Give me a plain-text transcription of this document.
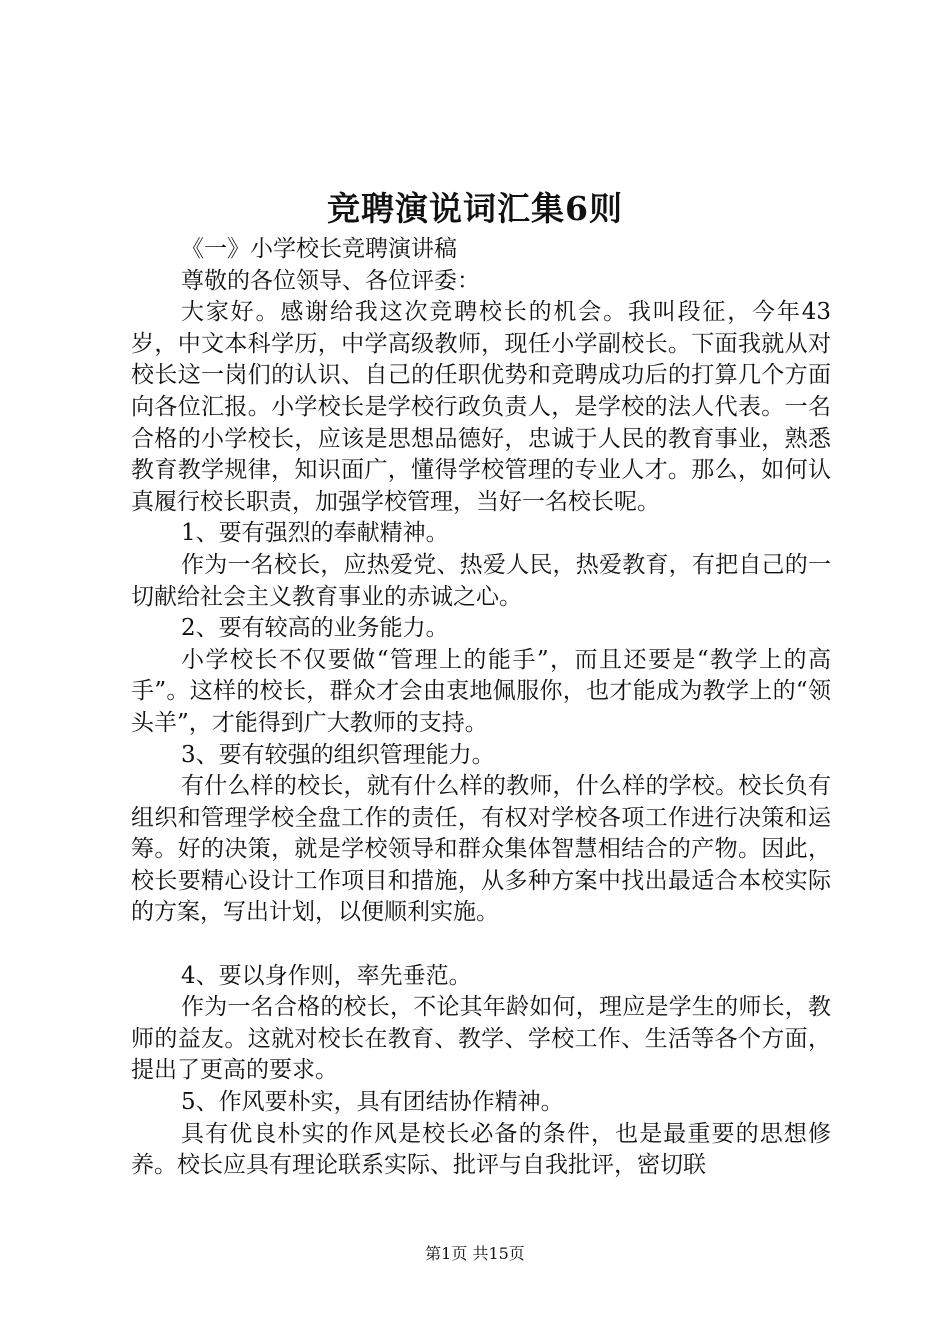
竞聘演说词汇集6则

《一》小学校长竞聘演讲稿

尊敬的各位领导、各位评委：

大家好。感谢给我这次竞聘校长的机会。我叫段征，今年43岁，中文本科学历，中学高级教师，现任小学副校长。下面我就从对校长这一岗们的认识、自己的任职优势和竞聘成功后的打算几个方面向各位汇报。小学校长是学校行政负责人，是学校的法人代表。一名合格的小学校长，应该是思想品德好，忠诚于人民的教育事业，熟悉教育教学规律，知识面广，懂得学校管理的专业人才。那么，如何认真履行校长职责，加强学校管理，当好一名校长呢。

1、要有强烈的奉献精神。

作为一名校长，应热爱党、热爱人民，热爱教育，有把自己的一切献给社会主义教育事业的赤诚之心。

2、要有较高的业务能力。

小学校长不仅要做“管理上的能手”，而且还要是“教学上的高手”。这样的校长，群众才会由衷地佩服你，也才能成为教学上的“领头羊”，才能得到广大教师的支持。

3、要有较强的组织管理能力。

有什么样的校长，就有什么样的教师，什么样的学校。校长负有组织和管理学校全盘工作的责任，有权对学校各项工作进行决策和运筹。好的决策，就是学校领导和群众集体智慧相结合的产物。因此，校长要精心设计工作项目和措施，从多种方案中找出最适合本校实际的方案，写出计划，以便顺利实施。

4、要以身作则，率先垂范。

作为一名合格的校长，不论其年龄如何，理应是学生的师长，教师的益友。这就对校长在教育、教学、学校工作、生活等各个方面，提出了更高的要求。

5、作风要朴实，具有团结协作精神。

具有优良朴实的作风是校长必备的条件，也是最重要的思想修养。校长应具有理论联系实际、批评与自我批评，密切联

第1页 共15页
